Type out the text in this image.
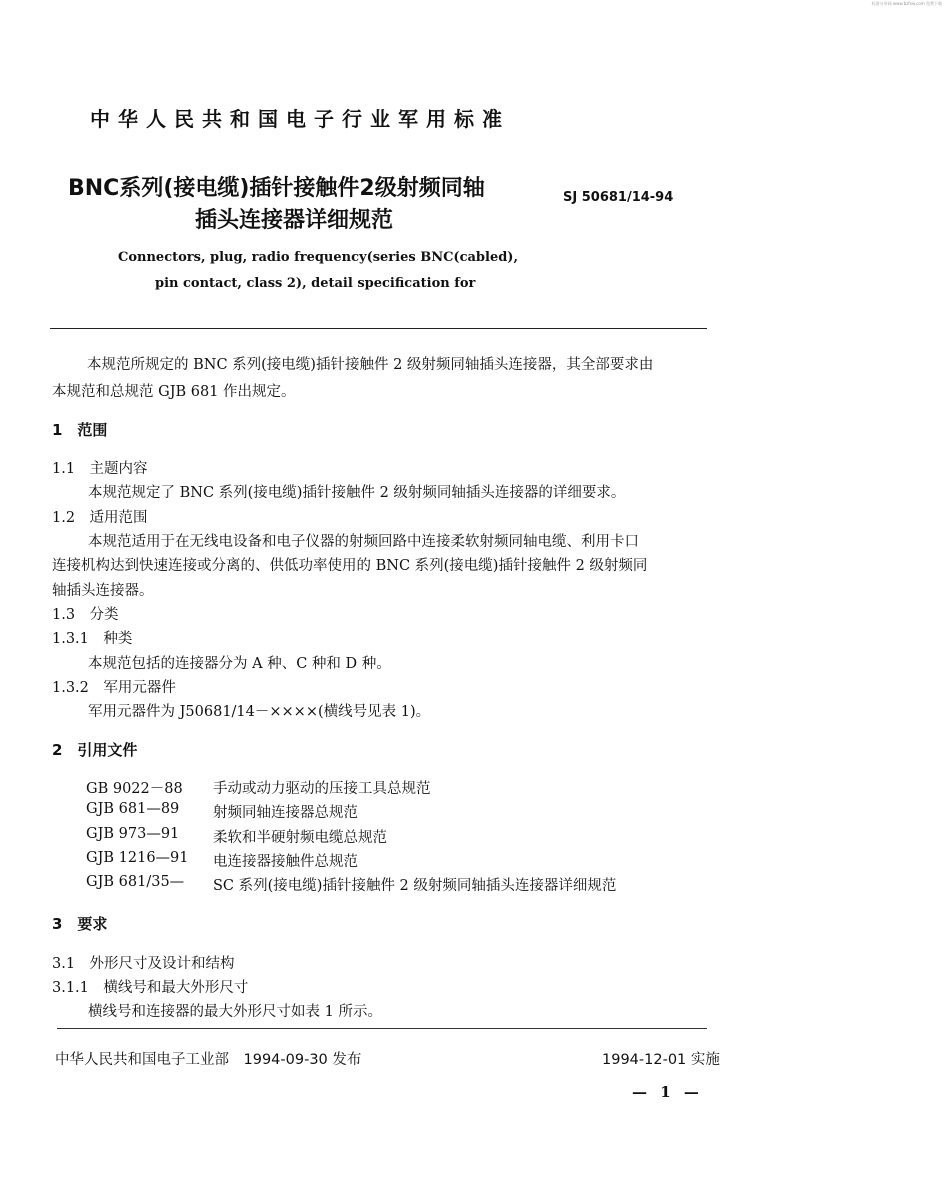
标准分享网 www.bzfxw.com 免费下载
中华人民共和国电子行业军用标准
BNC系列(接电缆)插针接触件2级射频同轴
插头连接器详细规范
SJ 50681/14-94
Connectors, plug, radio frequency(series BNC(cabled),
pin contact, class 2), detail specification for
本规范所规定的 BNC 系列(接电缆)插针接触件 2 级射频同轴插头连接器，其全部要求由
本规范和总规范 GJB 681 作出规定。
1　范围
1.1　主题内容
本规范规定了 BNC 系列(接电缆)插针接触件 2 级射频同轴插头连接器的详细要求。
1.2　适用范围
本规范适用于在无线电设备和电子仪器的射频回路中连接柔软射频同轴电缆、利用卡口
连接机构达到快速连接或分离的、供低功率使用的 BNC 系列(接电缆)插针接触件 2 级射频同
轴插头连接器。
1.3　分类
1.3.1　种类
本规范包括的连接器分为 A 种、C 种和 D 种。
1.3.2　军用元器件
军用元器件为 J50681/14－××××(横线号见表 1)。
2　引用文件
GB 9022－88 手动或动力驱动的压接工具总规范
GJB 681—89 射频同轴连接器总规范
GJB 973—91 柔软和半硬射频电缆总规范
GJB 1216—91 电连接器接触件总规范
GJB 681/35— SC 系列(接电缆)插针接触件 2 级射频同轴插头连接器详细规范
3　要求
3.1　外形尺寸及设计和结构
3.1.1　横线号和最大外形尺寸
横线号和连接器的最大外形尺寸如表 1 所示。
中华人民共和国电子工业部　1994-09-30 发布	1994-12-01 实施
— 1 —
